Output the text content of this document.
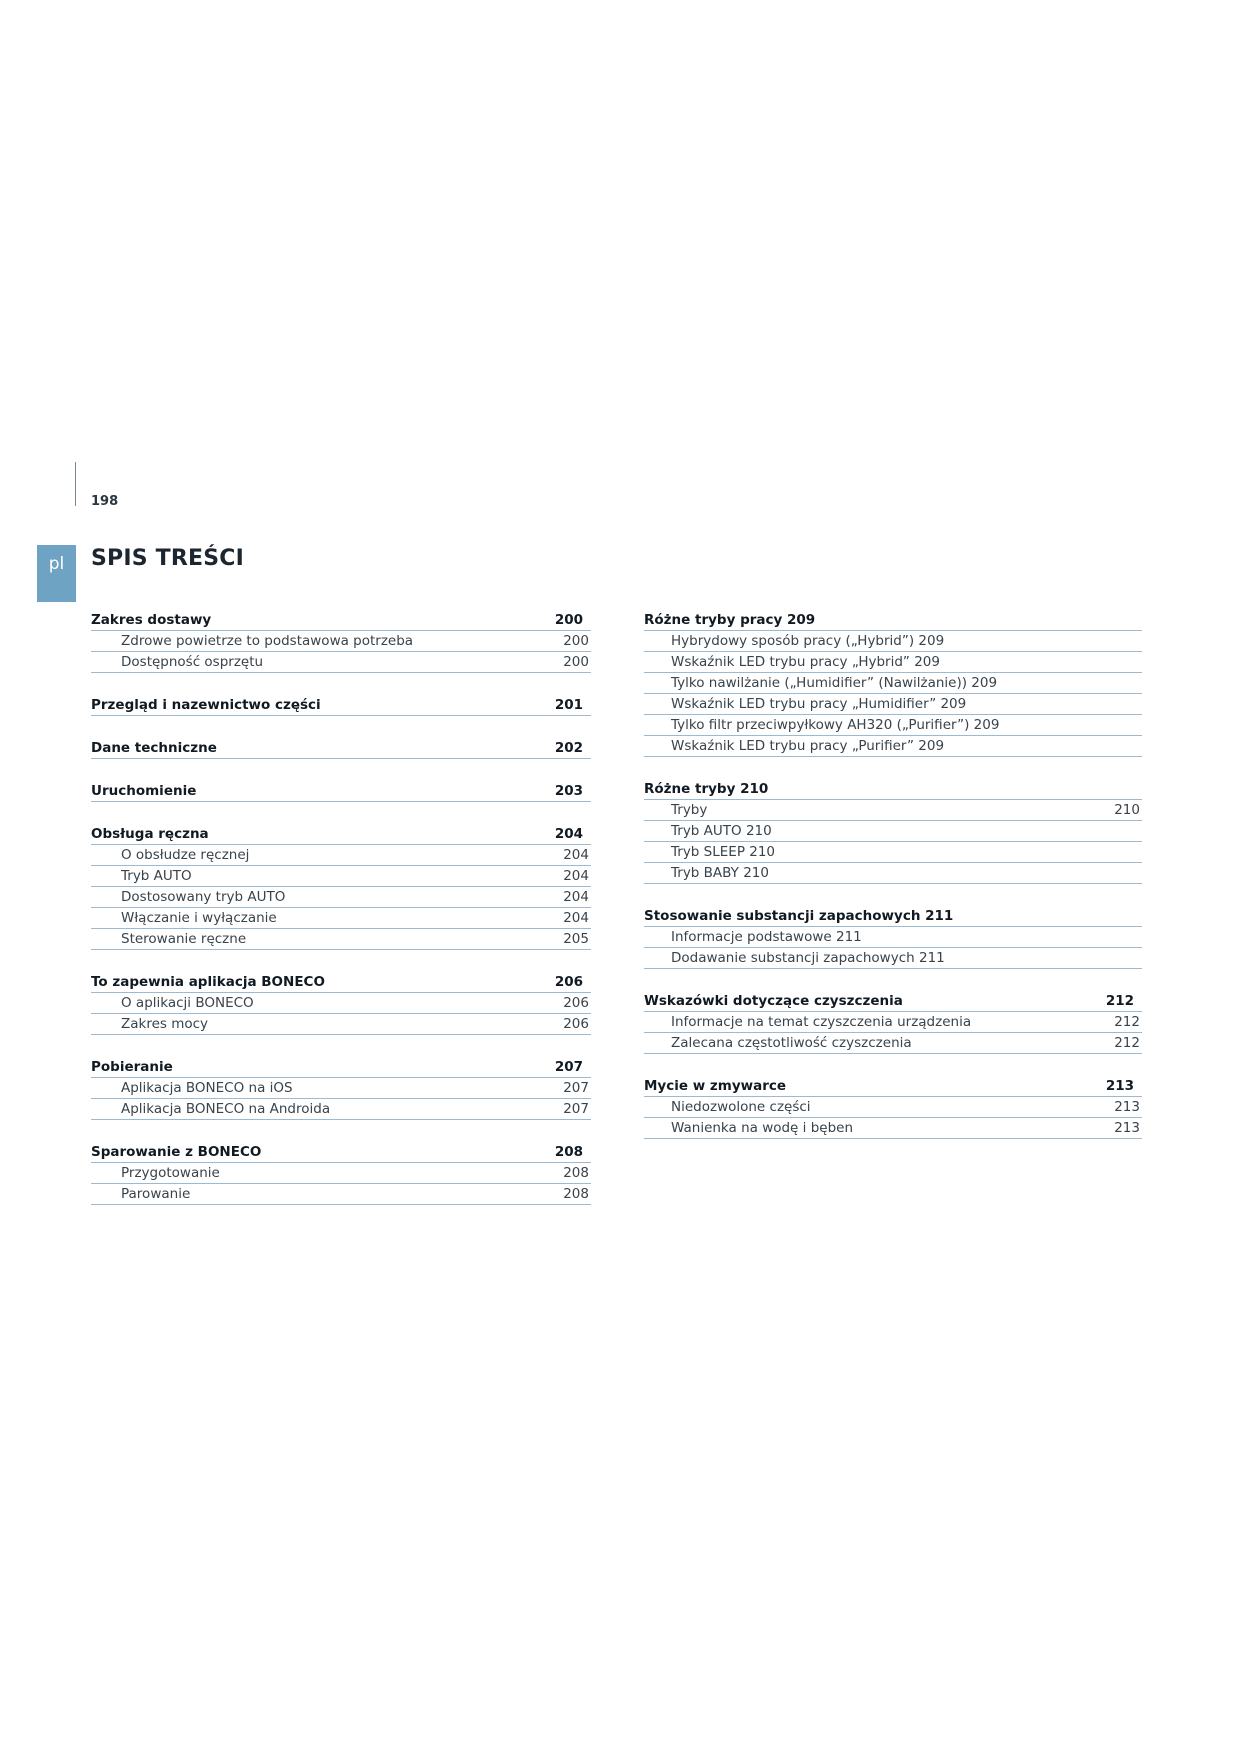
198
pl	SPIS TREŚCI
Zakres dostawy	200
Zdrowe powietrze to podstawowa potrzeba	200
Dostępność osprzętu	200
Przegląd i nazewnictwo części	201
Dane techniczne	202
Uruchomienie	203
Obsługa ręczna	204
O obsłudze ręcznej	204
Tryb AUTO	204
Dostosowany tryb AUTO	204
Włączanie i wyłączanie	204
Sterowanie ręczne	205
To zapewnia aplikacja BONECO	206
O aplikacji BONECO	206
Zakres mocy	206
Pobieranie	207
Aplikacja BONECO na iOS	207
Aplikacja BONECO na Androida	207
Sparowanie z BONECO	208
Przygotowanie	208
Parowanie	208
Różne tryby pracy 209
Hybrydowy sposób pracy („Hybrid”) 209
Wskaźnik LED trybu pracy „Hybrid” 209
Tylko nawilżanie („Humidifier” (Nawilżanie)) 209
Wskaźnik LED trybu pracy „Humidifier” 209
Tylko filtr przeciwpyłkowy AH320 („Purifier”) 209
Wskaźnik LED trybu pracy „Purifier” 209
Różne tryby 210
Tryby	210
Tryb AUTO 210
Tryb SLEEP 210
Tryb BABY 210
Stosowanie substancji zapachowych 211
Informacje podstawowe 211
Dodawanie substancji zapachowych 211
Wskazówki dotyczące czyszczenia	212
Informacje na temat czyszczenia urządzenia	212
Zalecana częstotliwość czyszczenia	212
Mycie w zmywarce	213
Niedozwolone części	213
Wanienka na wodę i bęben	213
